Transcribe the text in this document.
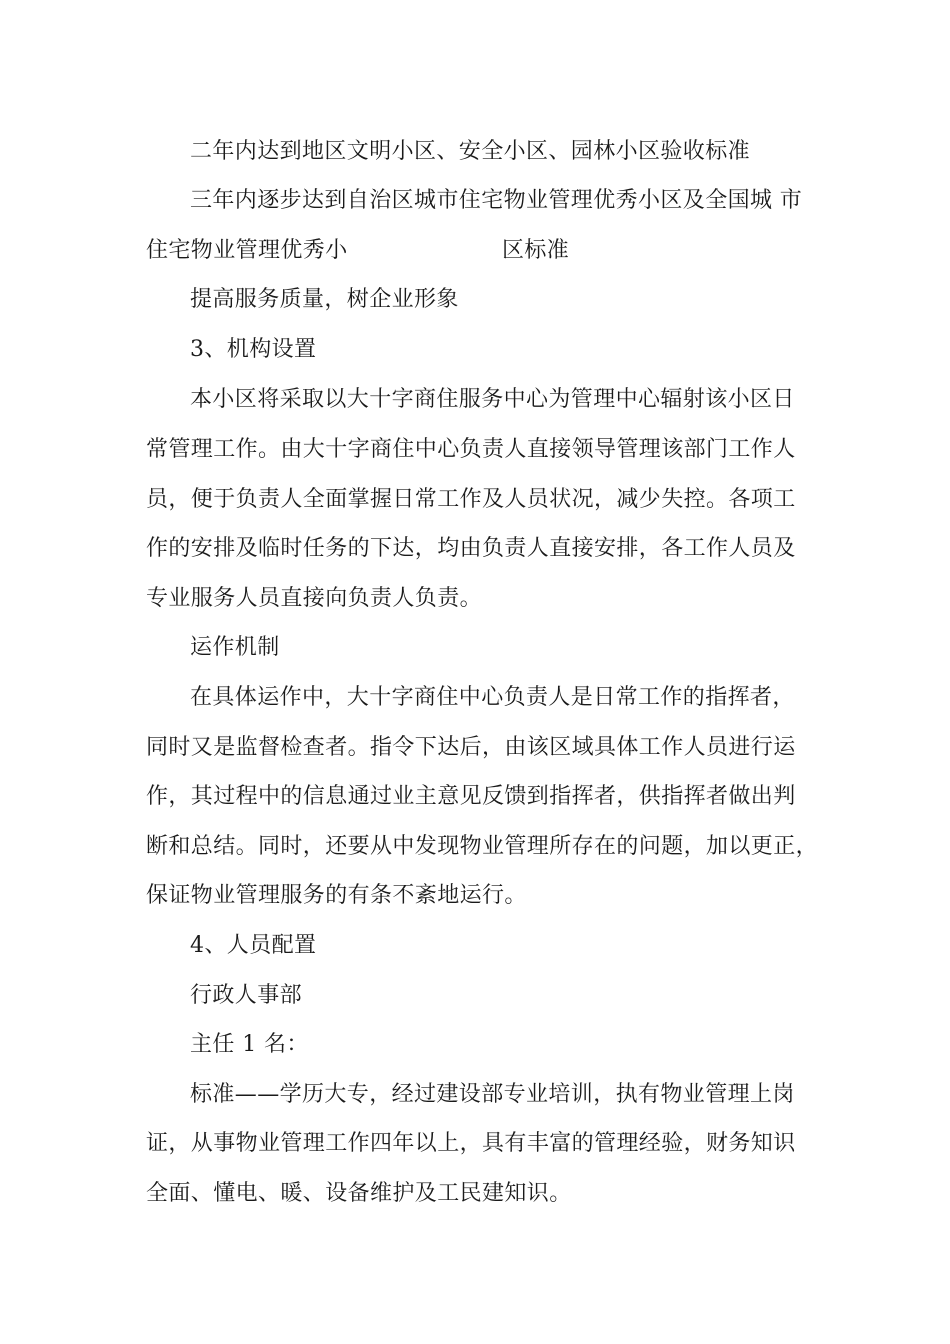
二年内达到地区文明小区、安全小区、园林小区验收标准
三年内逐步达到自治区城市住宅物业管理优秀小区及全国城 市
住宅物业管理优秀小	区标准
提高服务质量，树企业形象
3、机构设置
本小区将采取以大十字商住服务中心为管理中心辐射该小区日
常管理工作。由大十字商住中心负责人直接领导管理该部门工作人
员，便于负责人全面掌握日常工作及人员状况，减少失控。各项工
作的安排及临时任务的下达，均由负责人直接安排，各工作人员及
专业服务人员直接向负责人负责。
运作机制
在具体运作中，大十字商住中心负责人是日常工作的指挥者，
同时又是监督检查者。指令下达后，由该区域具体工作人员进行运
作，其过程中的信息通过业主意见反馈到指挥者，供指挥者做出判
断和总结。同时，还要从中发现物业管理所存在的问题，加以更正，
保证物业管理服务的有条不紊地运行。
4、人员配置
行政人事部
主任 1 名：
标准——学历大专，经过建设部专业培训，执有物业管理上岗
证，从事物业管理工作四年以上，具有丰富的管理经验，财务知识
全面、懂电、暖、设备维护及工民建知识。
